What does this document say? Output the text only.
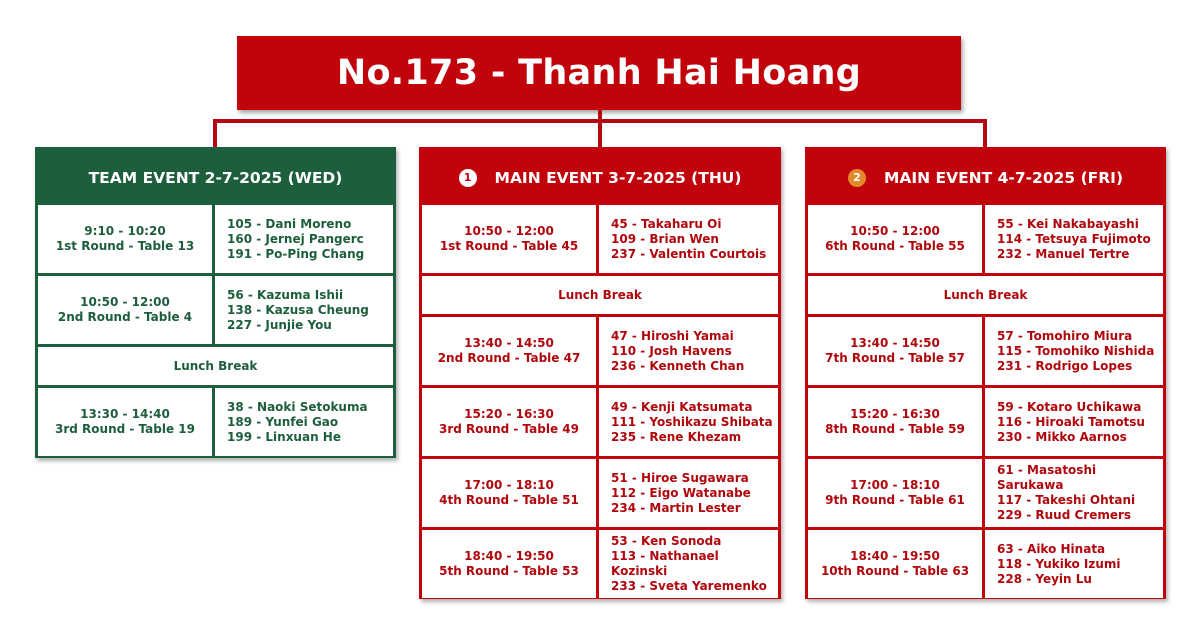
No.173 - Thanh Hai Hoang
TEAM EVENT 2-7-2025 (WED)
9:10 - 10:20
1st Round - Table 13
105 - Dani Moreno
160 - Jernej Pangerc
191 - Po-Ping Chang
10:50 - 12:00
2nd Round - Table 4
56 - Kazuma Ishii
138 - Kazusa Cheung
227 - Junjie You
Lunch Break
13:30 - 14:40
3rd Round - Table 19
38 - Naoki Setokuma
189 - Yunfei Gao
199 - Linxuan He
1	MAIN EVENT 3-7-2025 (THU)
10:50 - 12:00
1st Round - Table 45
45 - Takaharu Oi
109 - Brian Wen
237 - Valentin Courtois
Lunch Break
13:40 - 14:50
2nd Round - Table 47
47 - Hiroshi Yamai
110 - Josh Havens
236 - Kenneth Chan
15:20 - 16:30
3rd Round - Table 49
49 - Kenji Katsumata
111 - Yoshikazu Shibata
235 - Rene Khezam
17:00 - 18:10
4th Round - Table 51
51 - Hiroe Sugawara
112 - Eigo Watanabe
234 - Martin Lester
18:40 - 19:50
5th Round - Table 53
53 - Ken Sonoda
113 - Nathanael Kozinski
233 - Sveta Yaremenko
2	MAIN EVENT 4-7-2025 (FRI)
10:50 - 12:00
6th Round - Table 55
55 - Kei Nakabayashi
114 - Tetsuya Fujimoto
232 - Manuel Tertre
Lunch Break
13:40 - 14:50
7th Round - Table 57
57 - Tomohiro Miura
115 - Tomohiko Nishida
231 - Rodrigo Lopes
15:20 - 16:30
8th Round - Table 59
59 - Kotaro Uchikawa
116 - Hiroaki Tamotsu
230 - Mikko Aarnos
17:00 - 18:10
9th Round - Table 61
61 - Masatoshi Sarukawa
117 - Takeshi Ohtani
229 - Ruud Cremers
18:40 - 19:50
10th Round - Table 63
63 - Aiko Hinata
118 - Yukiko Izumi
228 - Yeyin Lu
